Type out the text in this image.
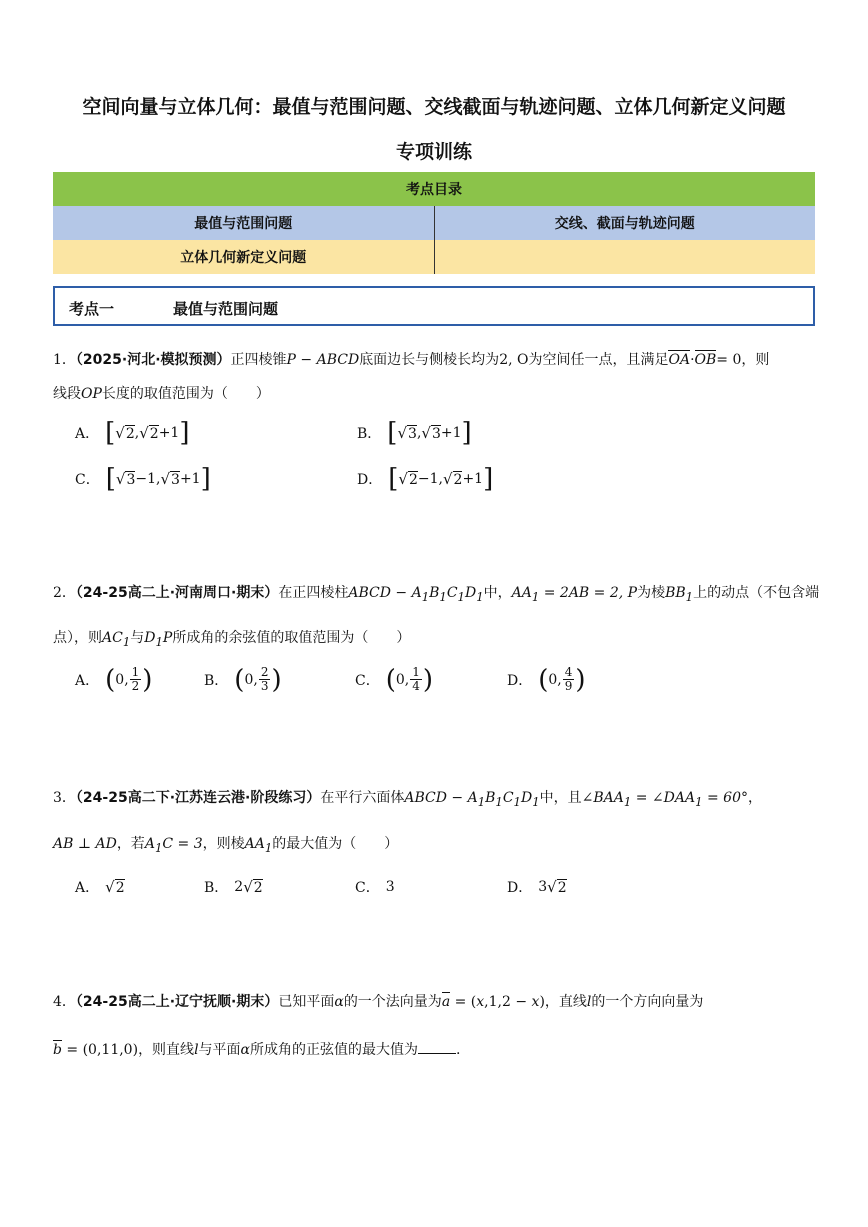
空间向量与立体几何：最值与范围问题、交线截面与轨迹问题、立体几何新定义问题
专项训练
考点目录	
最值与范围问题	交线、截面与轨迹问题
立体几何新定义问题	
考点一	最值与范围问题
1．（2025·河北·模拟预测）正四棱锥P − ABCD底面边长与侧棱长均为2, O为空间任一点，且满足OA·OB= 0，则
线段OP长度的取值范围为（　　）
A． [ √ 2 , √ 2 +1 ]	B． [ √ 3 , √ 3 +1 ]
C． [ √ 3 −1, √ 3 +1 ]	D． [ √ 2 −1, √ 2 +1 ]
2．（24-25高二上·河南周口·期末）在正四棱柱ABCD − $A_1B_1C_1D_1$中，$AA_1 = 2AB = 2$, P为棱$BB_1$上的动点（不包含端
点），则$AC_1$与$D_1P$所成角的余弦值的取值范围为（　　）
A． ( 0, $\frac{1}{2}$ )	B． ( 0, $\frac{2}{3}$ )	C． ( 0, $\frac{1}{4}$ )	D． ( 0, $\frac{4}{9}$ )
3．（24-25高二下·江苏连云港·阶段练习）在平行六面体ABCD − $A_1B_1C_1D_1$中，且$\angle BAA_1$ = $\angle DAA_1 = 60^\circ$，
AB ⊥ AD，若$A_1C = 3$，则棱$AA_1$的最大值为（　　）
A． √ 2	B． 2 √ 2	C． 3	D． 3 √ 2
4．（24-25高二上·辽宁抚顺·期末）已知平面α的一个法向量为a = (x,1,2 − x)，直线l的一个方向向量为
b = (0,11,0)，则直线l与平面α所成角的正弦值的最大值为	.
